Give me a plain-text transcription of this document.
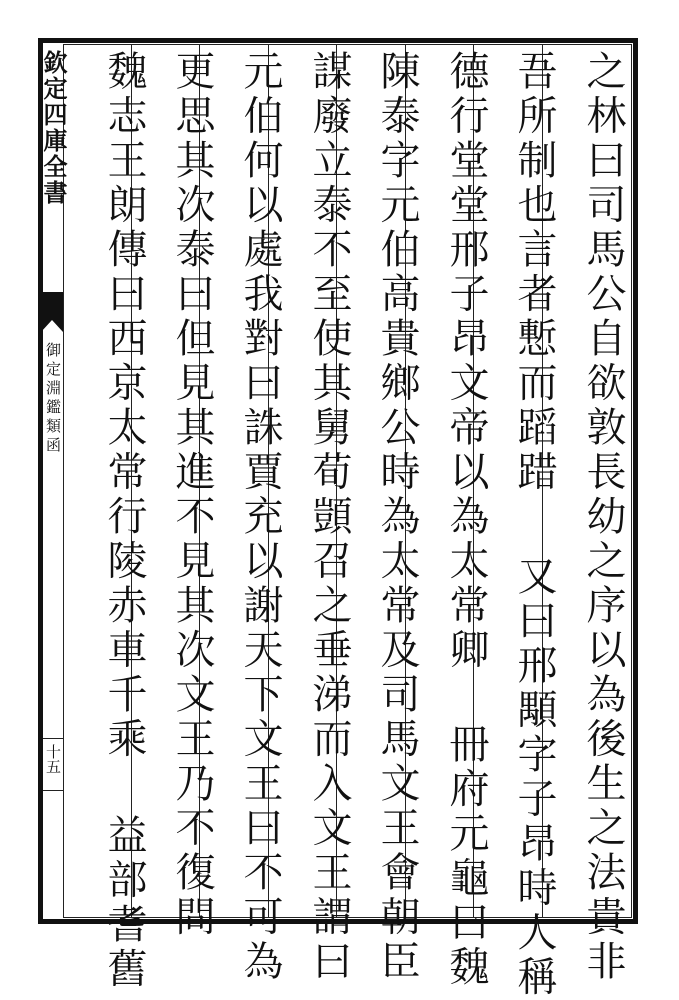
欽定四庫全書
御定淵鑑類函
十五	之林曰司馬公自欲敦長幼之序以為後生之法貴非
吾所制也言者慙而蹈踖又曰邢顒字子昂時人稱
德行堂堂邢子昂文帝以為太常卿冊府元龜曰魏
陳泰字元伯高貴鄉公時為太常及司馬文王會朝臣
謀廢立泰不至使其舅荀顗召之垂涕而入文王謂曰
元伯何以處我對曰誅賈充以謝天下文王曰不可為
更思其次泰曰但見其進不見其次文王乃不復問
魏志王朗傳曰西京太常行陵赤車千乘益部耆舊
